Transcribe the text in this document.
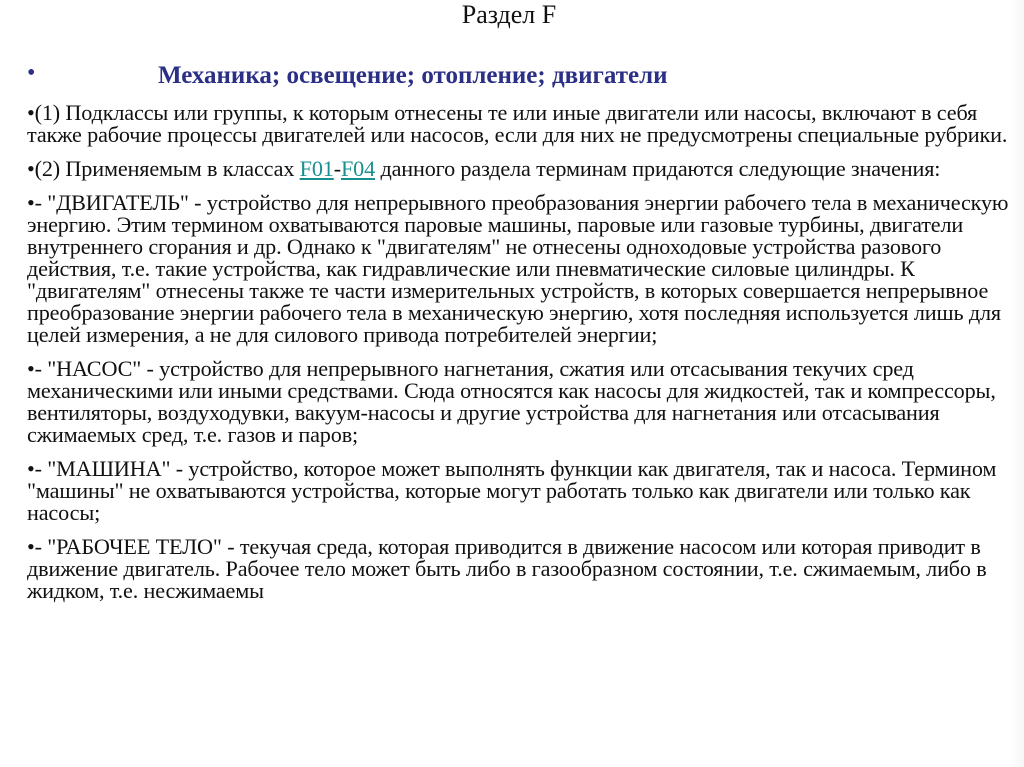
Раздел F
•	Механика; освещение; отопление; двигатели

•(1) Подклассы или группы, к которым отнесены те или иные двигатели или насосы, включают в себя также рабочие процессы двигателей или насосов, если для них не предусмотрены специальные рубрики.

•(2) Применяемым в классах F01-F04 данного раздела терминам придаются следующие значения:

•- "ДВИГАТЕЛЬ" - устройство для непрерывного преобразования энергии рабочего тела в механическую энергию. Этим термином охватываются паровые машины, паровые или газовые турбины, двигатели внутреннего сгорания и др. Однако к "двигателям" не отнесены одноходовые устройства разового действия, т.е. такие устройства, как гидравлические или пневматические силовые цилиндры. К "двигателям" отнесены также те части измерительных устройств, в которых совершается непрерывное преобразование энергии рабочего тела в механическую энергию, хотя последняя используется лишь для целей измерения, а не для силового привода потребителей энергии;

•- "НАСОС" - устройство для непрерывного нагнетания, сжатия или отсасывания текучих сред механическими или иными средствами. Сюда относятся как насосы для жидкостей, так и компрессоры, вентиляторы, воздуходувки, вакуум-насосы и другие устройства для нагнетания или отсасывания сжимаемых сред, т.е. газов и паров;

•- "МАШИНА" - устройство, которое может выполнять функции как двигателя, так и насоса. Термином "машины" не охватываются устройства, которые могут работать только как двигатели или только как насосы;

•- "РАБОЧЕЕ ТЕЛО" - текучая среда, которая приводится в движение насосом или которая приводит в движение двигатель. Рабочее тело может быть либо в газообразном состоянии, т.е. сжимаемым, либо в жидком, т.е. несжимаемы
